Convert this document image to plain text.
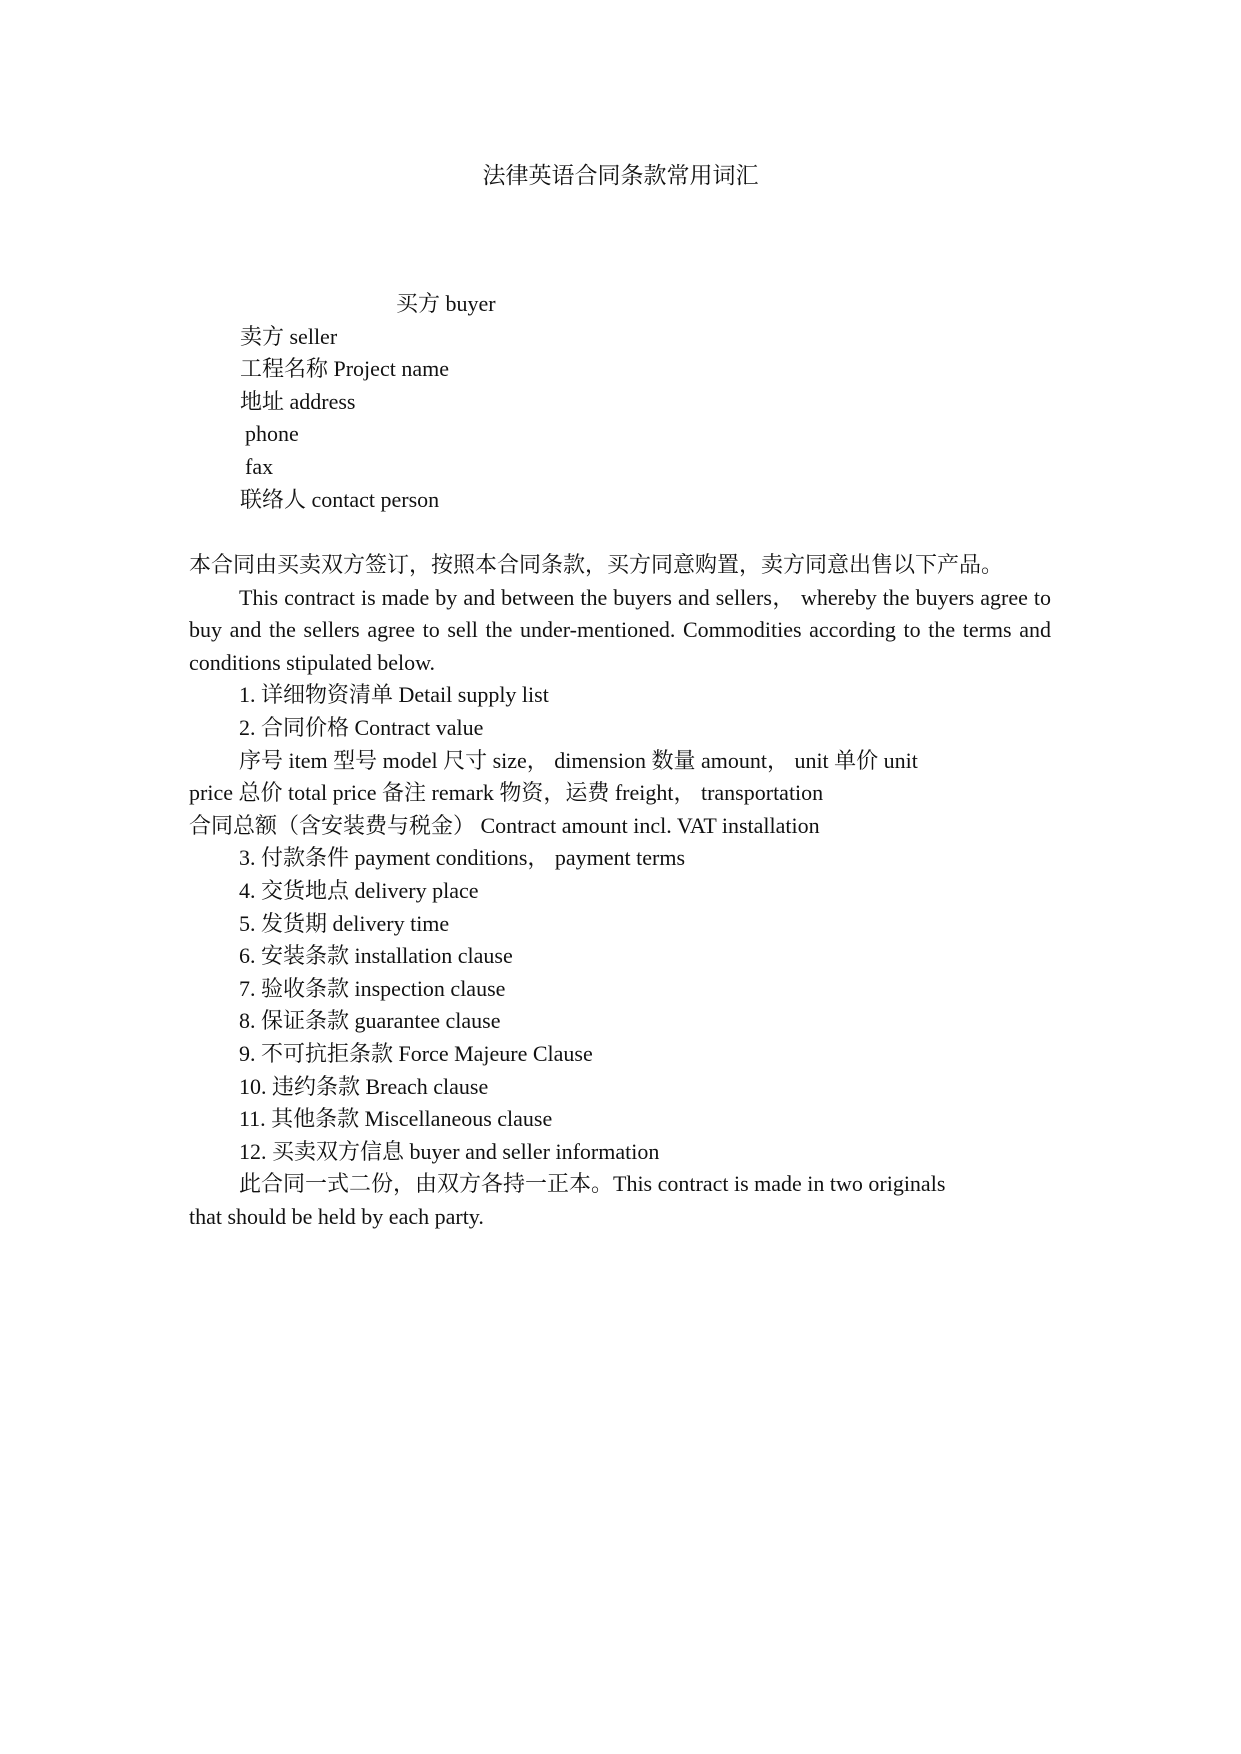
法律英语合同条款常用词汇
买方 buyer
卖方 seller
工程名称 Project name
地址 address
phone
fax
联络人 contact person

本合同由买卖双方签订，按照本合同条款，买方同意购置，卖方同意出售以下产品。

This contract is made by and between the buyers and sellers， whereby the buyers agree to buy and the sellers agree to sell the under-mentioned. Commodities according to the terms and conditions stipulated below.

1. 详细物资清单 Detail supply list
2. 合同价格 Contract value
序号 item 型号 model 尺寸 size， dimension 数量 amount， unit 单价 unit
price 总价 total price 备注 remark 物资，运费 freight， transportation
合同总额（含安装费与税金） Contract amount incl. VAT installation
3. 付款条件 payment conditions， payment terms
4. 交货地点 delivery place
5. 发货期 delivery time
6. 安装条款 installation clause
7. 验收条款 inspection clause
8. 保证条款 guarantee clause
9. 不可抗拒条款 Force Majeure Clause
10. 违约条款 Breach clause
11. 其他条款 Miscellaneous clause
12. 买卖双方信息 buyer and seller information
此合同一式二份，由双方各持一正本。This contract is made in two originals
that should be held by each party.
